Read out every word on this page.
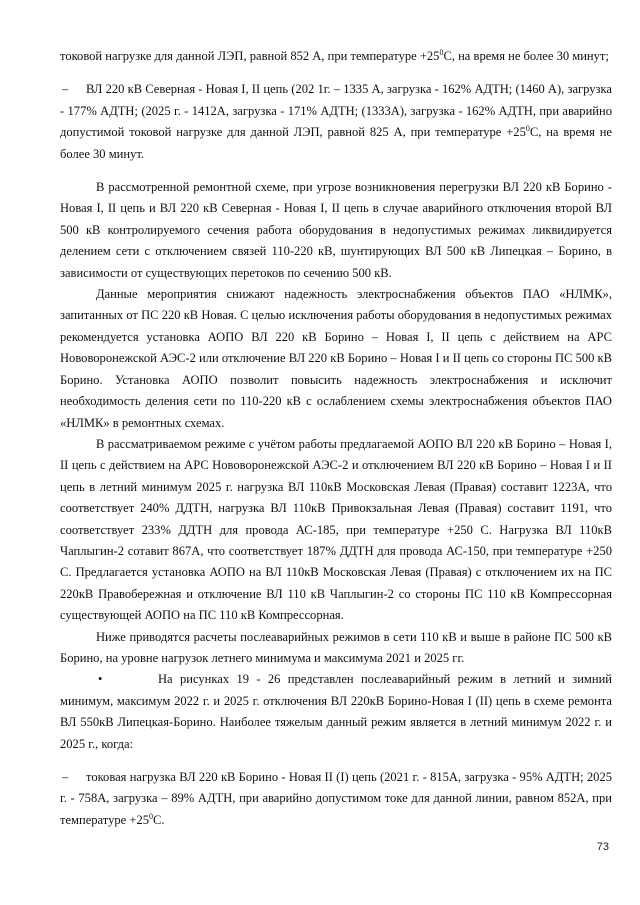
токовой нагрузке для данной ЛЭП, равной 852 А, при температуре $+25^0С$, на время не более 30 минут;

– ВЛ 220 кВ Северная - Новая I, II цепь (202 1г. – 1335 А, загрузка - 162% АДТН; (1460 А), загрузка - 177% АДТН; (2025 г. - 1412А, загрузка - 171% АДТН; (1333А), загрузка - 162% АДТН, при аварийно допустимой токовой нагрузке для данной ЛЭП, равной 825 А, при температуре $+25^0С$, на время не более 30 минут.

В рассмотренной ремонтной схеме, при угрозе возникновения перегрузки ВЛ 220 кВ Борино - Новая I, II цепь и ВЛ 220 кВ Северная - Новая I, II цепь в случае аварийного отключения второй ВЛ 500 кВ контролируемого сечения работа оборудования в недопустимых режимах ликвидируется делением сети с отключением связей 110-220 кВ, шунтирующих ВЛ 500 кВ Липецкая – Борино, в зависимости от существующих перетоков по сечению 500 кВ.

Данные мероприятия снижают надежность электроснабжения объектов ПАО «НЛМК», запитанных от ПС 220 кВ Новая. С целью исключения работы оборудования в недопустимых режимах рекомендуется установка АОПО ВЛ 220 кВ Борино – Новая I, II цепь с действием на АРС Нововоронежской АЭС-2 или отключение ВЛ 220 кВ Борино – Новая I и II цепь со стороны ПС 500 кВ Борино. Установка АОПО позволит повысить надежность электроснабжения и исключит необходимость деления сети по 110-220 кВ с ослаблением схемы электроснабжения объектов ПАО «НЛМК» в ремонтных схемах.

В рассматриваемом режиме с учётом работы предлагаемой АОПО ВЛ 220 кВ Борино – Новая I, II цепь с действием на АРС Нововоронежской АЭС-2 и отключением ВЛ 220 кВ Борино – Новая I и II цепь в летний минимум 2025 г. нагрузка ВЛ 110кВ Московская Левая (Правая) составит 1223А, что соответствует 240% ДДТН, нагрузка ВЛ 110кВ Привокзальная Левая (Правая) составит 1191, что соответствует 233% ДДТН для провода АС-185, при температуре +250 С. Нагрузка ВЛ 110кВ Чаплыгин-2 сотавит 867А, что соответствует 187% ДДТН для провода АС-150, при температуре +250 С. Предлагается установка АОПО на ВЛ 110кВ Московская Левая (Правая) с отключением их на ПС 220кВ Правобережная и отключение ВЛ 110 кВ Чаплыгин-2 со стороны ПС 110 кВ Компрессорная существующей АОПО на ПС 110 кВ Компрессорная.

Ниже приводятся расчеты послеаварийных режимов в сети 110 кВ и выше в районе ПС 500 кВ Борино, на уровне нагрузок летнего минимума и максимума 2021 и 2025 гг.

•	На рисунках 19 - 26 представлен послеаварийный режим в летний и зимний минимум, максимум 2022 г. и 2025 г. отключения ВЛ 220кВ Борино-Новая I (II) цепь в схеме ремонта ВЛ 550кВ Липецкая-Борино. Наиболее тяжелым данный режим является в летний минимум 2022 г. и 2025 г., когда:

– токовая нагрузка ВЛ 220 кВ Борино - Новая II (I) цепь (2021 г. - 815А, загрузка - 95% АДТН; 2025 г. - 758А, загрузка – 89% АДТН, при аварийно допустимом токе для данной линии, равном 852А, при температуре $+25^0С$.

73
